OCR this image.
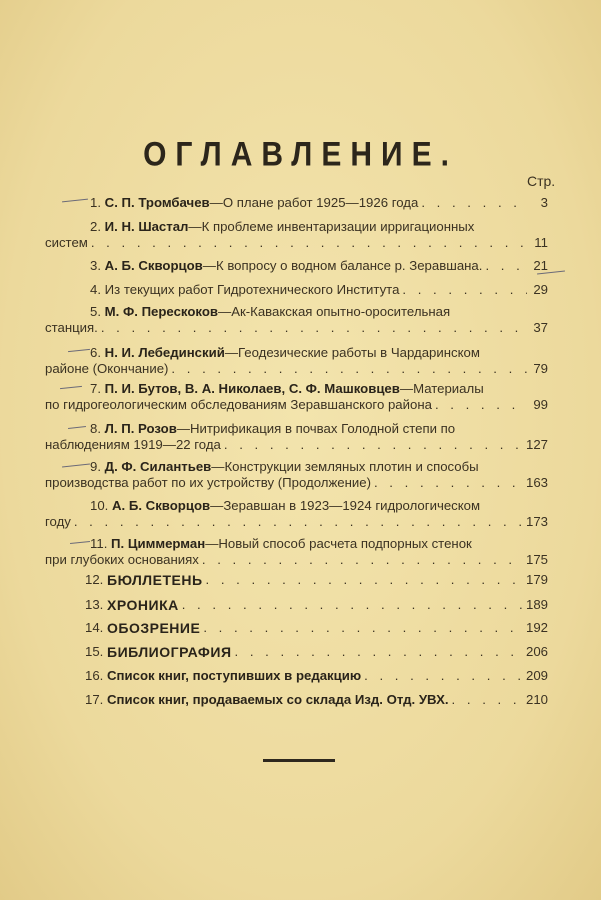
ОГЛАВЛЕНИЕ.
Стр.
1.
С. П. Тромбачев —О плане работ 1925—1926 года . . .	3
2.
И. Н. Шастал —К проблеме инвентаризации ирригационных
систем . . .	11
3.
А. Б. Скворцов —К вопросу о водном балансе р. Зеравшана. . . .	21
4.
Из текущих работ Гидротехнического Института . . .	29
5.
М. Ф. Перескоков —Ак-Кавакская опытно-оросительная
станция. . . .	37
6.
Н. И. Лебединский —Геодезические работы в Чардаринском
районе (Окончание) . . .	79
7.
П. И. Бутов, В. А. Николаев, С. Ф. Машковцев —Материалы
по гидрогеологическим обследованиям Зеравшанского района . . .	99
8.
Л. П. Розов —Нитрификация в почвах Голодной степи по
наблюдениям 1919—22 года . . .	127
9.
Д. Ф. Силантьев —Конструкции земляных плотин и способы
производства работ по их устройству (Продолжение) . . .	163
10.
А. Б. Скворцов —Зеравшан в 1923—1924 гидрологическом
году . . .	173
11.
П. Циммерман —Новый способ расчета подпорных стенок
при глубоких основаниях . . .	175
12.
БЮЛЛЕТЕНЬ . . .	179
13.
ХРОНИКА . . .	189
14.
ОБОЗРЕНИЕ . . .	192
15.
БИБЛИОГРАФИЯ . . .	206
16.
Список книг, поступивших в редакцию . . .	209
17.
Список книг, продаваемых со склада Изд. Отд. УВХ. . . .	210
